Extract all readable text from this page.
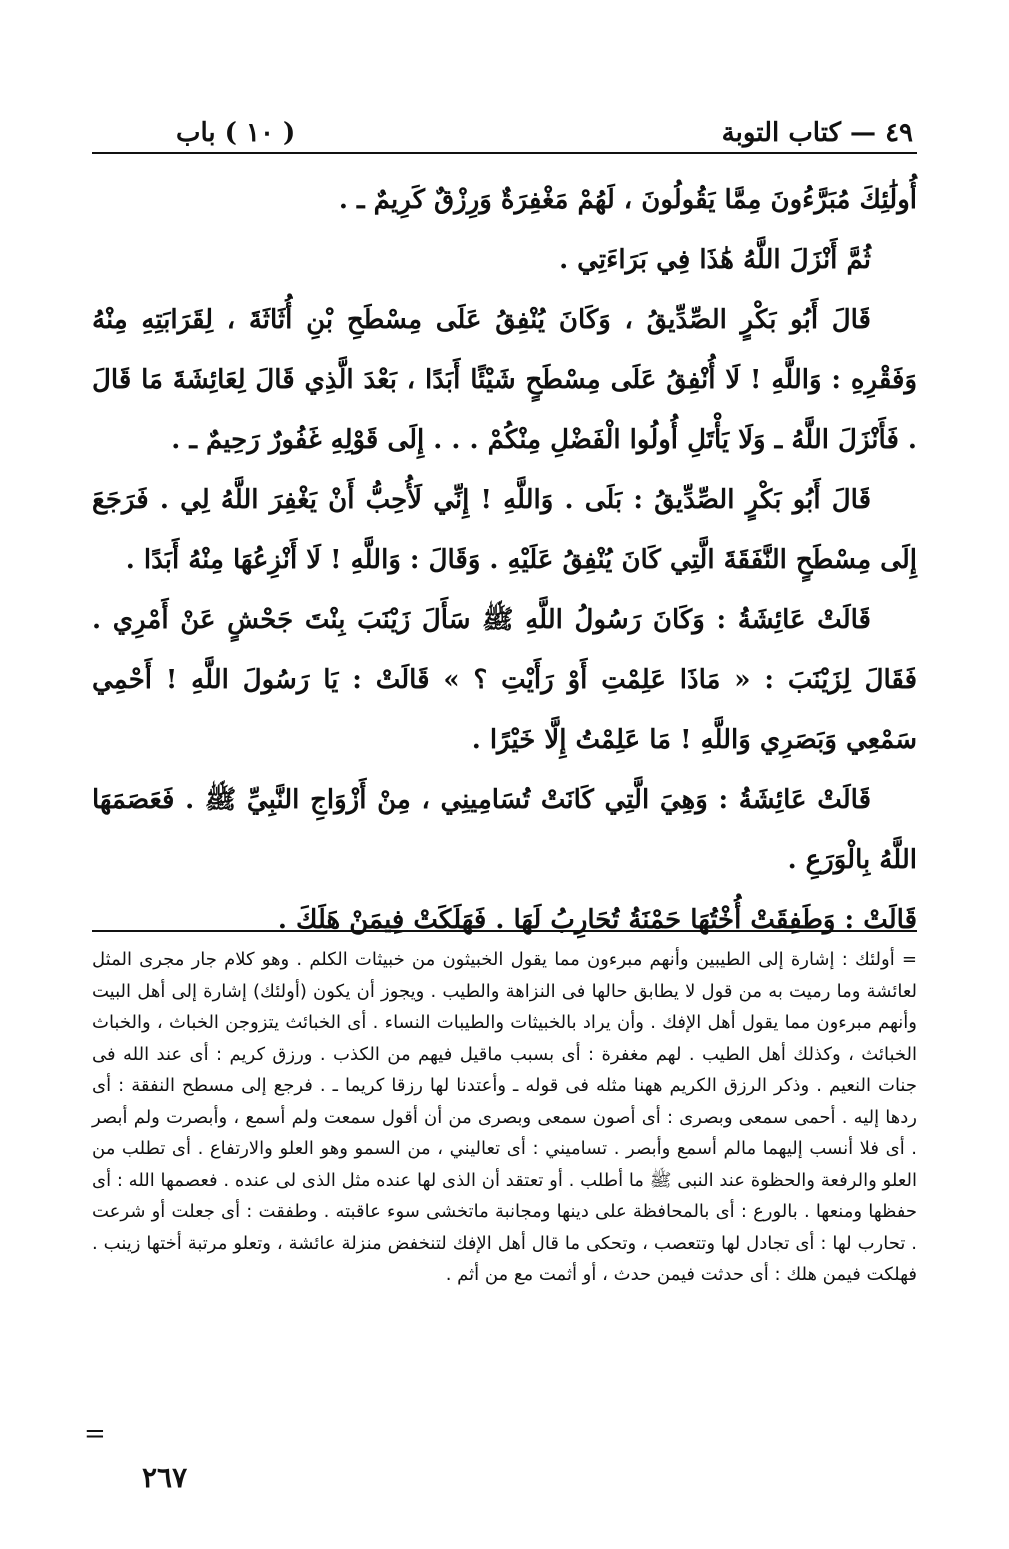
٤٩ — كتاب التوبة
( ١٠ ) باب

أُولَٰئِكَ مُبَرَّءُونَ مِمَّا يَقُولُونَ ، لَهُمْ مَغْفِرَةٌ وَرِزْقٌ كَرِيمٌ ـ .

ثُمَّ أَنْزَلَ اللَّهُ هَٰذَا فِي بَرَاءَتِي .

قَالَ أَبُو بَكْرٍ الصِّدِّيقُ ، وَكَانَ يُنْفِقُ عَلَى مِسْطَحِ بْنِ أُثَاثَةَ ، لِقَرَابَتِهِ مِنْهُ وَفَقْرِهِ : وَاللَّهِ ! لَا أُنْفِقُ عَلَى مِسْطَحٍ شَيْئًا أَبَدًا ، بَعْدَ الَّذِي قَالَ لِعَائِشَةَ مَا قَالَ . فَأَنْزَلَ اللَّهُ ـ وَلَا يَأْتَلِ أُولُوا الْفَضْلِ مِنْكُمْ . . . إِلَى قَوْلِهِ غَفُورٌ رَحِيمٌ ـ .

قَالَ أَبُو بَكْرٍ الصِّدِّيقُ : بَلَى . وَاللَّهِ ! إِنِّي لَأُحِبُّ أَنْ يَغْفِرَ اللَّهُ لِي . فَرَجَعَ إِلَى مِسْطَحٍ النَّفَقَةَ الَّتِي كَانَ يُنْفِقُ عَلَيْهِ . وَقَالَ : وَاللَّهِ ! لَا أَنْزِعُهَا مِنْهُ أَبَدًا .

قَالَتْ عَائِشَةُ : وَكَانَ رَسُولُ اللَّهِ ﷺ سَأَلَ زَيْنَبَ بِنْتَ جَحْشٍ عَنْ أَمْرِي . فَقَالَ لِزَيْنَبَ : « مَاذَا عَلِمْتِ أَوْ رَأَيْتِ ؟ » قَالَتْ : يَا رَسُولَ اللَّهِ ! أَحْمِي سَمْعِي وَبَصَرِي وَاللَّهِ ! مَا عَلِمْتُ إِلَّا خَيْرًا .

قَالَتْ عَائِشَةُ : وَهِيَ الَّتِي كَانَتْ تُسَامِينِي ، مِنْ أَزْوَاجِ النَّبِيِّ ﷺ . فَعَصَمَهَا اللَّهُ بِالْوَرَعِ .

قَالَتْ : وَطَفِقَتْ أُخْتُهَا حَمْنَةُ تُحَارِبُ لَهَا . فَهَلَكَتْ فِيمَنْ هَلَكَ .

= أولئك : إشارة إلى الطيبين وأنهم مبرءون مما يقول الخبيثون من خبيثات الكلم . وهو كلام جار مجرى المثل لعائشة وما رميت به من قول لا يطابق حالها فى النزاهة والطيب . ويجوز أن يكون (أولئك) إشارة إلى أهل البيت وأنهم مبرءون مما يقول أهل الإفك . وأن يراد بالخبيثات والطيبات النساء . أى الخبائث يتزوجن الخباث ، والخباث الخبائث ، وكذلك أهل الطيب . لهم مغفرة : أى بسبب ماقيل فيهم من الكذب . ورزق كريم : أى عند الله فى جنات النعيم . وذكر الرزق الكريم ههنا مثله فى قوله ـ وأعتدنا لها رزقا كريما ـ . فرجع إلى مسطح النفقة : أى ردها إليه . أحمى سمعى وبصرى : أى أصون سمعى وبصرى من أن أقول سمعت ولم أسمع ، وأبصرت ولم أبصر . أى فلا أنسب إليهما مالم أسمع وأبصر . تساميني : أى تعاليني ، من السمو وهو العلو والارتفاع . أى تطلب من العلو والرفعة والحظوة عند النبى ﷺ ما أطلب . أو تعتقد أن الذى لها عنده مثل الذى لى عنده . فعصمها الله : أى حفظها ومنعها . بالورع : أى بالمحافظة على دينها ومجانبة ماتخشى سوء عاقبته . وطفقت : أى جعلت أو شرعت . تحارب لها : أى تجادل لها وتتعصب ، وتحكى ما قال أهل الإفك لتنخفض منزلة عائشة ، وتعلو مرتبة أختها زينب . فهلكت فيمن هلك : أى حدثت فيمن حدث ، أو أثمت مع من أثم .

=
٢٦٧
